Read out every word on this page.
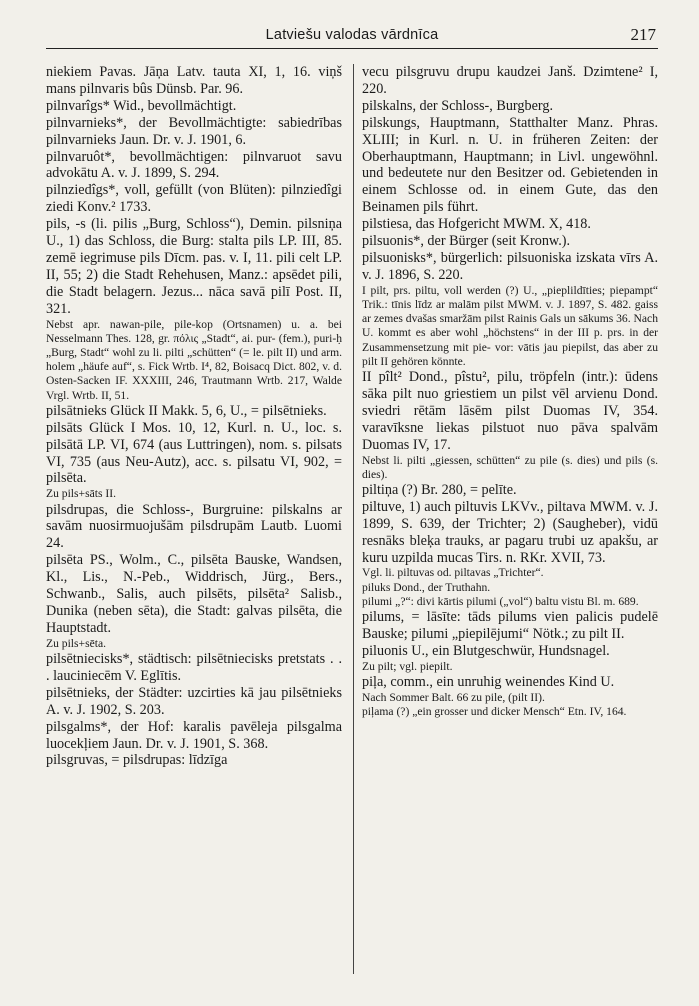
Latviešu valodas vārdnīca	217

niekiem Pavas. Jāņa Latv. tauta XI, 1, 16. viņš mans pilnvaris bûs Dünsb. Par. 96.

pilnvarîgs* Wid., bevollmächtigt.

pilnvarnieks*, der Bevollmächtigte: sabiedrības pilnvarnieks Jaun. Dr. v. J. 1901, 6.

pilnvaruôt*, bevollmächtigen: pilnvaruot savu advokātu A. v. J. 1899, S. 294.

pilnziedîgs*, voll, gefüllt (von Blüten): pilnziedîgi ziedi Konv.² 1733.

pils, -s (li. pilis „Burg, Schloss“), Demin. pilsniņa U., 1) das Schloss, die Burg: stalta pils LP. III, 85. zemē iegrimuse pils Dīcm. pas. v. I, 11. pili celt LP. II, 55; 2) die Stadt Rehehusen, Manz.: apsēdet pili, die Stadt belagern. Jezus... nāca savā pilī Post. II, 321.

Nebst apr. nawan-pile, pile-kop (Ortsnamen) u. a. bei Nesselmann Thes. 128, gr. πόλις „Stadt“, ai. pur- (fem.), puri-ḥ „Burg, Stadt“ wohl zu li. pilti „schütten“ (= le. pilt II) und arm. holem „häufe auf“, s. Fick Wrtb. I⁴, 82, Boisacq Dict. 802, v. d. Osten-Sacken IF. XXXIII, 246, Trautmann Wrtb. 217, Walde Vrgl. Wrtb. II, 51.

pilsātnieks Glück II Makk. 5, 6, U., = pilsētnieks.

pilsāts Glück I Mos. 10, 12, Kurl. n. U., loc. s. pilsātā LP. VI, 674 (aus Luttringen), nom. s. pilsats VI, 735 (aus Neu-Autz), acc. s. pilsatu VI, 902, = pilsēta.

Zu pils+sāts II.

pilsdrupas, die Schloss-, Burgruine: pilskalns ar savām nuosirmuojušām pilsdrupām Lautb. Luomi 24.

pilsēta PS., Wolm., C., pilsēta Bauske, Wandsen, Kl., Lis., N.-Peb., Widdrisch, Jürg., Bers., Schwanb., Salis, auch pilsēts, pilsēta² Salisb., Dunika (neben sēta), die Stadt: galvas pilsēta, die Hauptstadt.

Zu pils+sēta.

pilsētniecisks*, städtisch: pilsētniecisks pretstats . . . lauciniecēm V. Eglītis.

pilsētnieks, der Städter: uzcirties kā jau pilsētnieks A. v. J. 1902, S. 203.

pilsgalms*, der Hof: karalis pavēleja pilsgalma luocekļiem Jaun. Dr. v. J. 1901, S. 368.

pilsgruvas, = pilsdrupas: līdzīga

vecu pilsgruvu drupu kaudzei Janš. Dzimtene² I, 220.

pilskalns, der Schloss-, Burgberg.

pilskungs, Hauptmann, Statthalter Manz. Phras. XLIII; in Kurl. n. U. in früheren Zeiten: der Oberhauptmann, Hauptmann; in Livl. ungewöhnl. und bedeutete nur den Besitzer od. Gebietenden in einem Schlosse od. in einem Gute, das den Beinamen pils führt.

pilstiesa, das Hofgericht MWM. X, 418.

pilsuonis*, der Bürger (seit Kronw.).

pilsuonisks*, bürgerlich: pilsuoniska izskata vīrs A. v. J. 1896, S. 220.

I pilt, prs. piltu, voll werden (?) U., „pieplildīties; piepampt“ Trik.: tīnis līdz ar malām pilst MWM. v. J. 1897, S. 482. gaiss ar zemes dvašas smaržām pilst Rainis Gals un sākums 36. Nach U. kommt es aber wohl „höchstens“ in der III p. prs. in der Zusammensetzung mit pie- vor: vātis jau piepilst, das aber zu pilt II gehören könnte.

II pîlt² Dond., pîstu², pilu, tröpfeln (intr.): ūdens sāka pilt nuo griestiem un pilst vēl arvienu Dond. sviedri rētām lāsēm pilst Duomas IV, 354. varavīksne liekas pilstuot nuo pāva spalvām Duomas IV, 17.

Nebst li. pilti „giessen, schütten“ zu pile (s. dies) und pils (s. dies).

piltiņa (?) Br. 280, = pelīte.

piltuve, 1) auch piltuvis LKVv., piltava MWM. v. J. 1899, S. 639, der Trichter; 2) (Saugheber), vidū resnāks bleķa trauks, ar pagaru trubi uz apakšu, ar kuru uzpilda mucas Tirs. n. RKr. XVII, 73.

Vgl. li. piltuvas od. piltavas „Trichter“.

piluks Dond., der Truthahn.

pilumi „?“: divi kārtis pilumi („vol“) baltu vistu Bl. m. 689.

pilums, = lāsīte: tāds pilums vien palicis pudelē Bauske; pilumi „piepilējumi“ Nötk.; zu pilt II.

piluonis U., ein Blutgeschwür, Hundsnagel.

Zu pilt; vgl. piepilt.

piļa, comm., ein unruhig weinendes Kind U.

Nach Sommer Balt. 66 zu pile, (pilt II).

piļama (?) „ein grosser und dicker Mensch“ Etn. IV, 164.
